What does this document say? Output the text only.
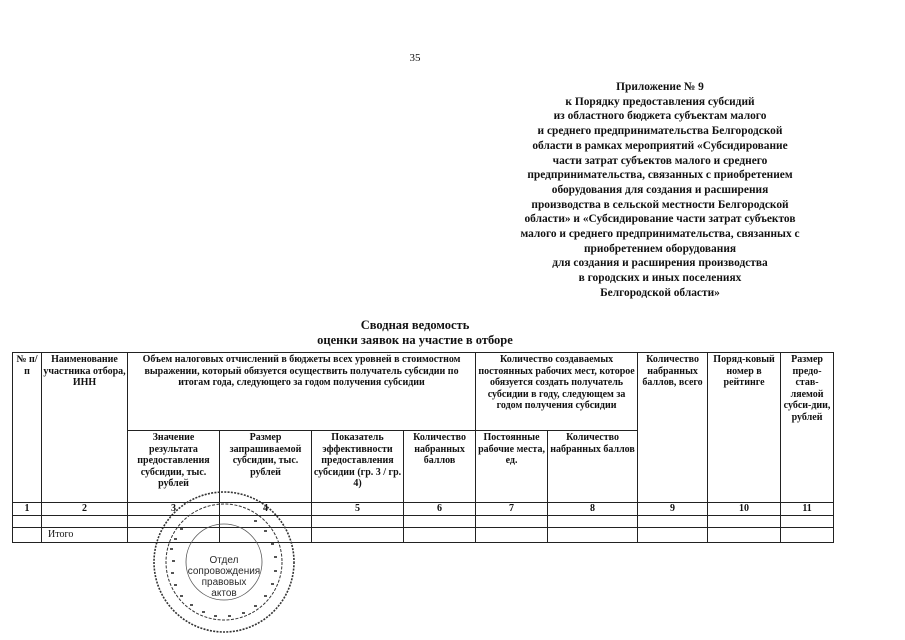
35
Приложение № 9
к Порядку предоставления субсидий
из областного бюджета субъектам малого
и среднего предпринимательства Белгородской
области в рамках мероприятий «Субсидирование
части затрат субъектов малого и среднего
предпринимательства, связанных с приобретением
оборудования для создания и расширения
производства в сельской местности Белгородской
области» и «Субсидирование части затрат субъектов
малого и среднего предпринимательства, связанных с
приобретением оборудования
для создания и расширения производства
в городских и иных поселениях
Белгородской области»
Сводная ведомость
оценки заявок на участие в отборе
№ п/п	Наименование участника отбора, ИНН	Объем налоговых отчислений в бюджеты всех уровней в стоимостном выражении, который обязуется осуществить получатель субсидии по итогам года, следующего за годом получения субсидии				Количество создаваемых постоянных рабочих мест, которое обязуется создать получатель субсидии в году, следующем за годом получения субсидии		Количество набранных баллов, всего	Поряд-ковый номер в рейтинге	Размер предо-став-ляемой субси-дии, рублей
		Значение результата предоставления субсидии, тыс. рублей	Размер запрашиваемой субсидии, тыс. рублей	Показатель эффективности предоставления субсидии (гр. 3 / гр. 4)	Количество набранных баллов	Постоянные рабочие места, ед.	Количество набранных баллов			
1	2	3	4	5	6	7	8	9	10	11

	Итого									
Отдел
сопровождения
правовых
актов
